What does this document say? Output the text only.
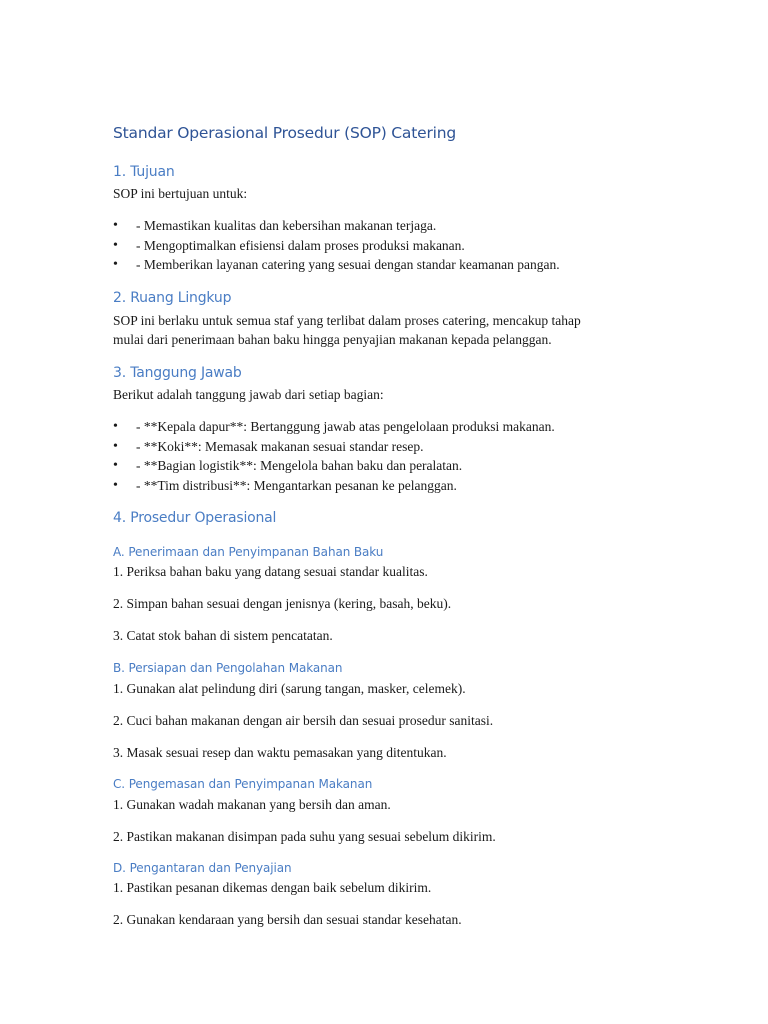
Standar Operasional Prosedur (SOP) Catering
1. Tujuan
SOP ini bertujuan untuk:
• - Memastikan kualitas dan kebersihan makanan terjaga.
• - Mengoptimalkan efisiensi dalam proses produksi makanan.
• - Memberikan layanan catering yang sesuai dengan standar keamanan pangan.
2. Ruang Lingkup
SOP ini berlaku untuk semua staf yang terlibat dalam proses catering, mencakup tahap
mulai dari penerimaan bahan baku hingga penyajian makanan kepada pelanggan.
3. Tanggung Jawab
Berikut adalah tanggung jawab dari setiap bagian:
• - **Kepala dapur**: Bertanggung jawab atas pengelolaan produksi makanan.
• - **Koki**: Memasak makanan sesuai standar resep.
• - **Bagian logistik**: Mengelola bahan baku dan peralatan.
• - **Tim distribusi**: Mengantarkan pesanan ke pelanggan.
4. Prosedur Operasional
A. Penerimaan dan Penyimpanan Bahan Baku
1. Periksa bahan baku yang datang sesuai standar kualitas.
2. Simpan bahan sesuai dengan jenisnya (kering, basah, beku).
3. Catat stok bahan di sistem pencatatan.
B. Persiapan dan Pengolahan Makanan
1. Gunakan alat pelindung diri (sarung tangan, masker, celemek).
2. Cuci bahan makanan dengan air bersih dan sesuai prosedur sanitasi.
3. Masak sesuai resep dan waktu pemasakan yang ditentukan.
C. Pengemasan dan Penyimpanan Makanan
1. Gunakan wadah makanan yang bersih dan aman.
2. Pastikan makanan disimpan pada suhu yang sesuai sebelum dikirim.
D. Pengantaran dan Penyajian
1. Pastikan pesanan dikemas dengan baik sebelum dikirim.
2. Gunakan kendaraan yang bersih dan sesuai standar kesehatan.
